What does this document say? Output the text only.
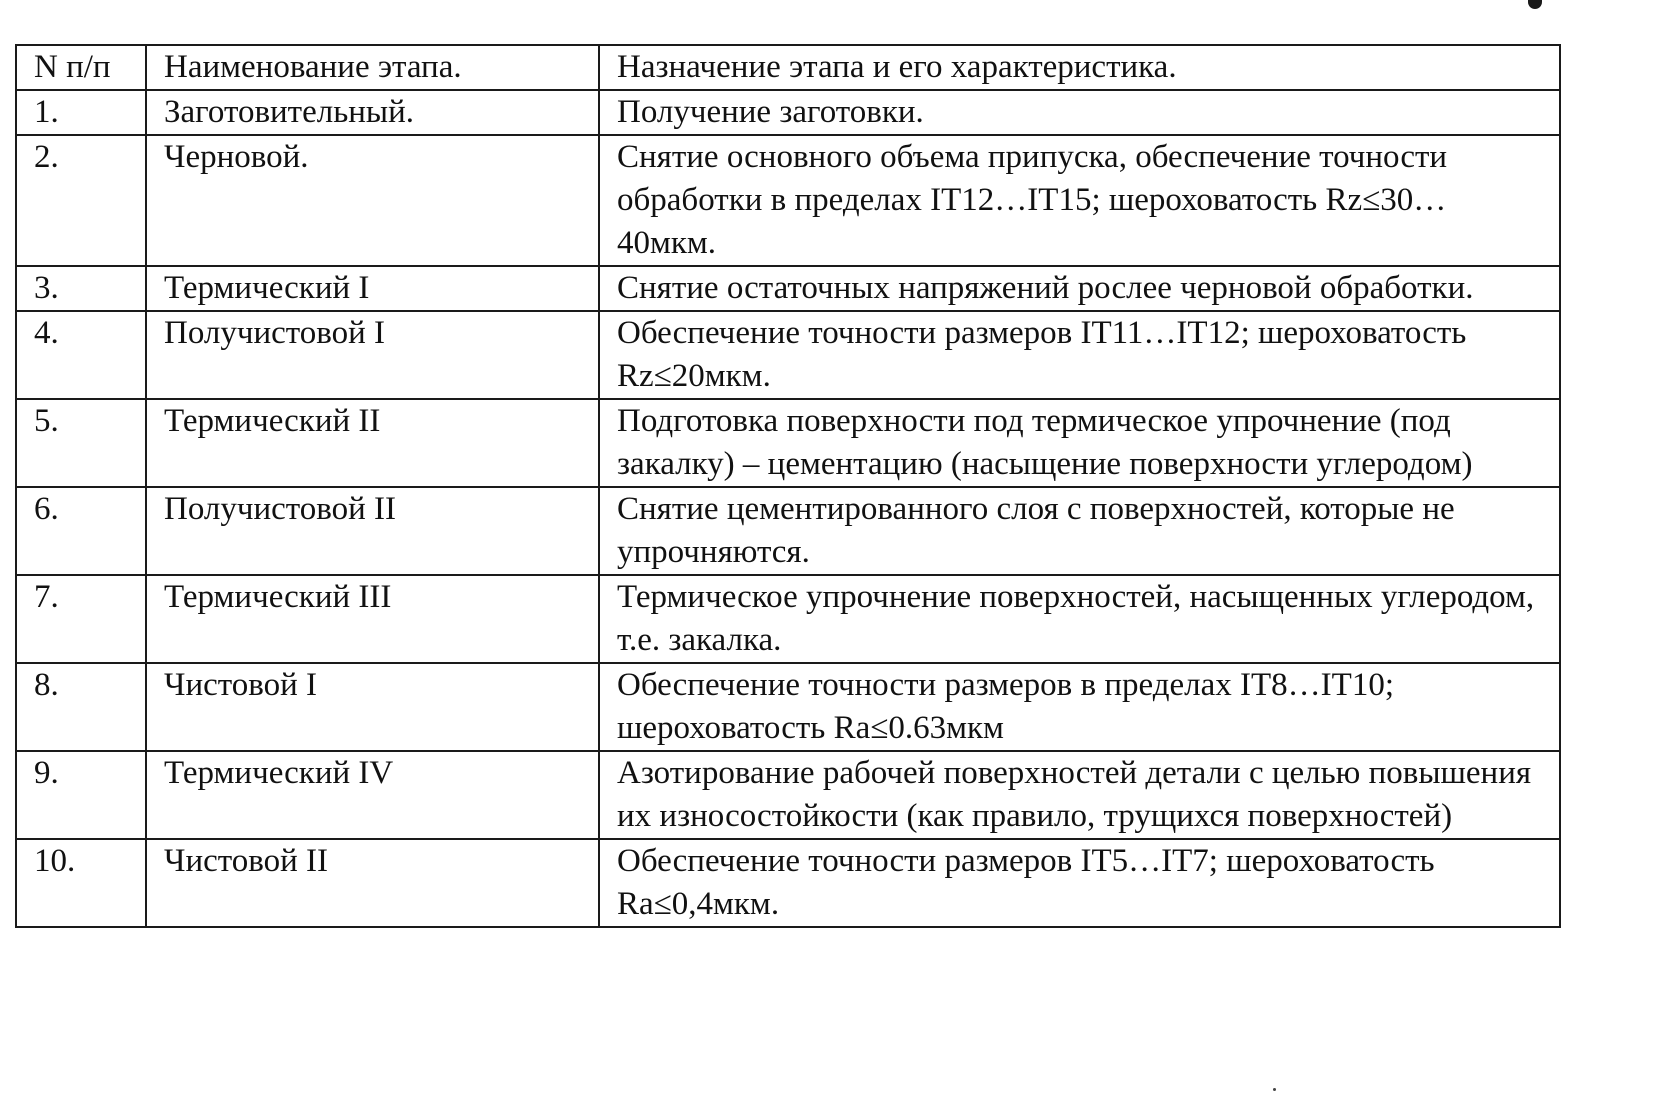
N п/п	Наименование этапа.	Назначение этапа и его характеристика.
1.	Заготовительный.	Получение заготовки.
2.	Черновой.	Снятие основного объема припуска, обеспечение точности обработки в пределах IT12…IT15; шероховатость Rz≤30…40мкм.
3.	Термический I	Снятие остаточных напряжений рослее черновой обработки.
4.	Получистовой I	Обеспечение точности размеров IT11…IT12; шероховатость Rz≤20мкм.
5.	Термический II	Подготовка поверхности под термическое упрочнение (под закалку) – цементацию (насыщение поверхности углеродом)
6.	Получистовой II	Снятие цементированного слоя с поверхностей, которые не упрочняются.
7.	Термический III	Термическое упрочнение поверхностей, насыщенных углеродом, т.е. закалка.
8.	Чистовой I	Обеспечение точности размеров в пределах IT8…IT10; шероховатость Ra≤0.63мкм
9.	Термический IV	Азотирование рабочей поверхностей детали с целью повышения их износостойкости (как правило, трущихся поверхностей)
10.	Чистовой II	Обеспечение точности размеров IT5…IT7; шероховатость Ra≤0,4мкм.
